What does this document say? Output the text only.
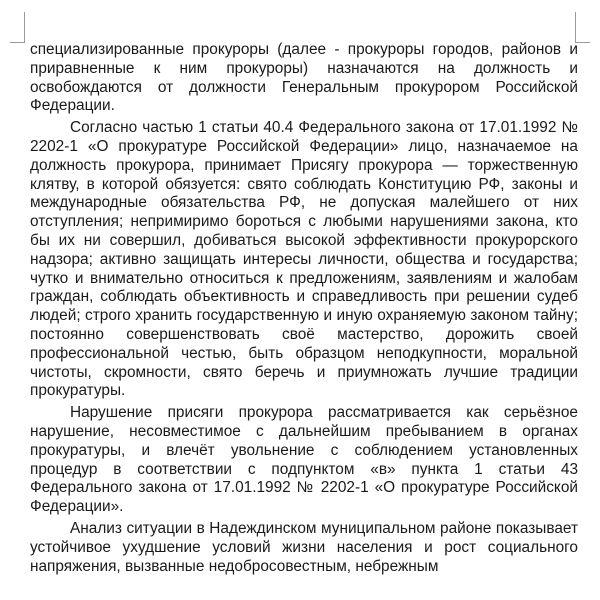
специализированные прокуроры (далее - прокуроры городов, районов и приравненные к ним прокуроры) назначаются на должность и освобождаются от должности Генеральным прокурором Российской Федерации.

Согласно частью 1 статьи 40.4 Федерального закона от 17.01.1992 № 2202-1 «О прокуратуре Российской Федерации» лицо, назначаемое на должность прокурора, принимает Присягу прокурора — торжественную клятву, в которой обязуется: свято соблюдать Конституцию РФ, законы и международные обязательства РФ, не допуская малейшего от них отступления; непримиримо бороться с любыми нарушениями закона, кто бы их ни совершил, добиваться высокой эффективности прокурорского надзора; активно защищать интересы личности, общества и государства; чутко и внимательно относиться к предложениям, заявлениям и жалобам граждан, соблюдать объективность и справедливость при решении судеб людей; строго хранить государственную и иную охраняемую законом тайну; постоянно совершенствовать своё мастерство, дорожить своей профессиональной честью, быть образцом неподкупности, моральной чистоты, скромности, свято беречь и приумножать лучшие традиции прокуратуры.

Нарушение присяги прокурора рассматривается как серьёзное нарушение, несовместимое с дальнейшим пребыванием в органах прокуратуры, и влечёт увольнение с соблюдением установленных процедур в соответствии с подпунктом «в» пункта 1 статьи 43 Федерального закона от 17.01.1992 № 2202-1 «О прокуратуре Российской Федерации».

Анализ ситуации в Надеждинском муниципальном районе показывает устойчивое ухудшение условий жизни населения и рост социального напряжения, вызванные недобросовестным, небрежным
